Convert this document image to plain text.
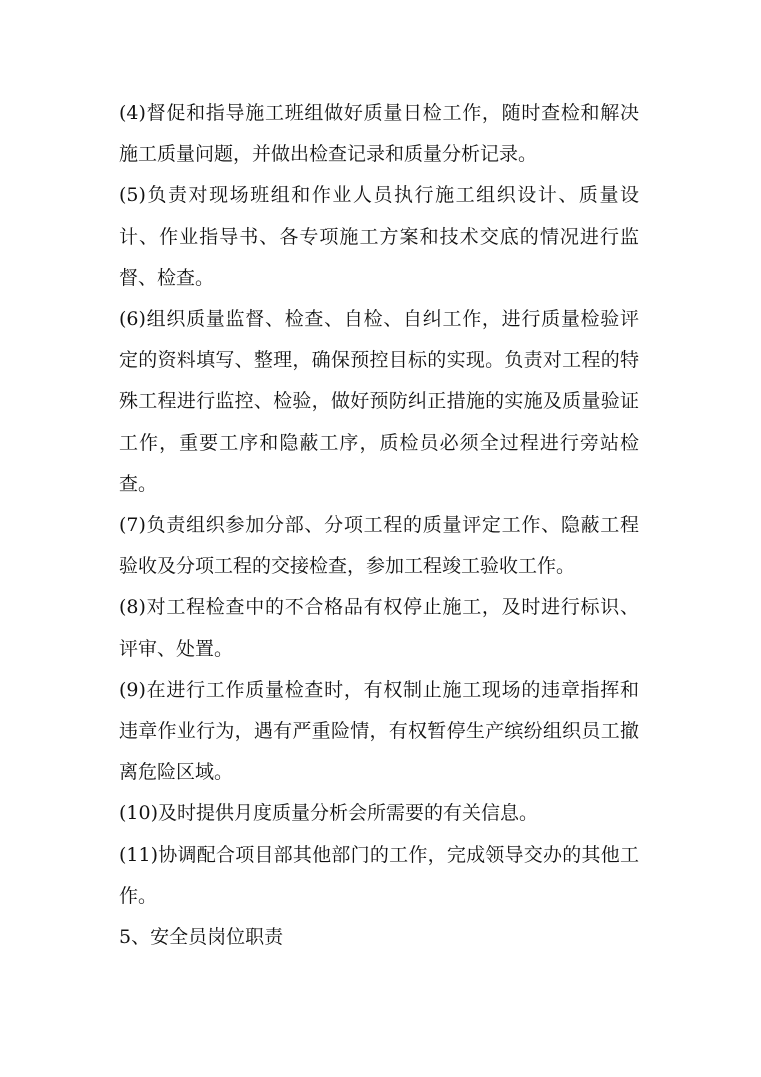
(4)督促和指导施工班组做好质量日检工作，随时查检和解决施工质量问题，并做出检查记录和质量分析记录。

(5)负责对现场班组和作业人员执行施工组织设计、质量设计、作业指导书、各专项施工方案和技术交底的情况进行监督、检查。

(6)组织质量监督、检查、自检、自纠工作，进行质量检验评定的资料填写、整理，确保预控目标的实现。负责对工程的特殊工程进行监控、检验，做好预防纠正措施的实施及质量验证工作，重要工序和隐蔽工序，质检员必须全过程进行旁站检查。

(7)负责组织参加分部、分项工程的质量评定工作、隐蔽工程验收及分项工程的交接检查，参加工程竣工验收工作。

(8)对工程检查中的不合格品有权停止施工，及时进行标识、评审、处置。

(9)在进行工作质量检查时，有权制止施工现场的违章指挥和违章作业行为，遇有严重险情，有权暂停生产缤纷组织员工撤离危险区域。

(10)及时提供月度质量分析会所需要的有关信息。

(11)协调配合项目部其他部门的工作，完成领导交办的其他工作。

5、安全员岗位职责
